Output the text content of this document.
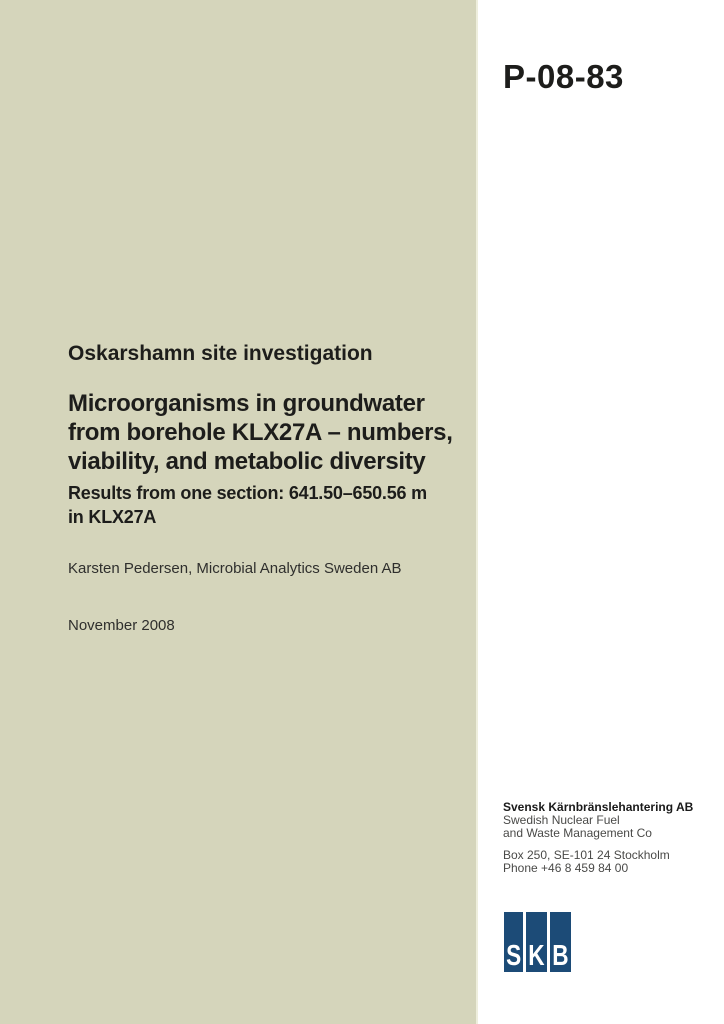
P-08-83
Oskarshamn site investigation
Microorganisms in groundwater
from borehole KLX27A – numbers,
viability, and metabolic diversity
Results from one section: 641.50–650.56 m
in KLX27A
Karsten Pedersen, Microbial Analytics Sweden AB
November 2008
Svensk Kärnbränslehantering AB
Swedish Nuclear Fuel
and Waste Management Co
Box 250, SE-101 24 Stockholm
Phone +46 8 459 84 00
S K B
